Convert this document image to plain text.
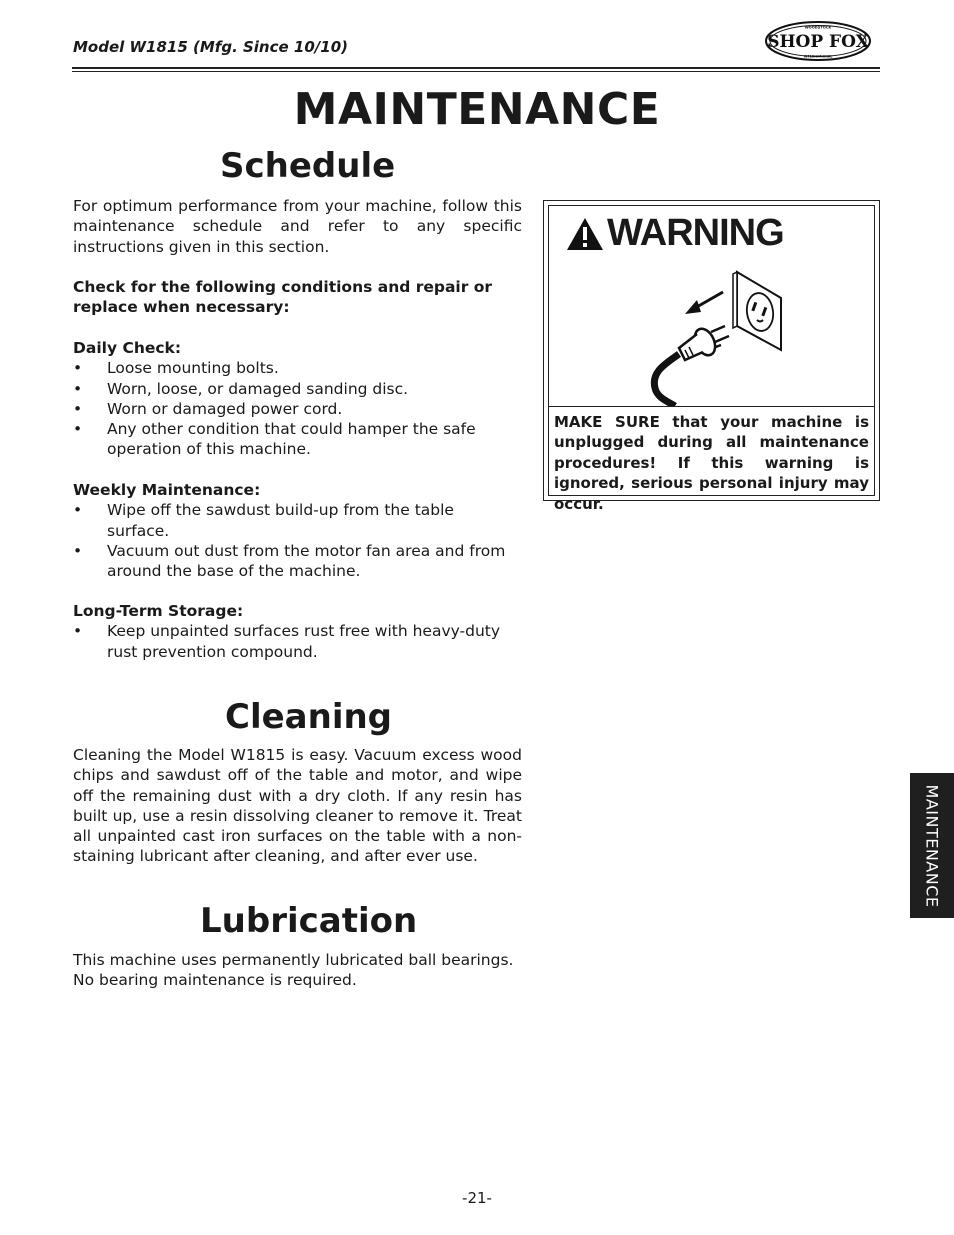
Model W1815 (Mfg. Since 10/10)	SHOP FOX
WOODSTOCK
INTERNATIONAL
MAINTENANCE
Schedule
For optimum performance from your machine, follow this maintenance schedule and refer to any specific instructions given in this section.
Check for the following conditions and repair or replace when necessary:
Daily Check:
• Loose mounting bolts.
• Worn, loose, or damaged sanding disc.
• Worn or damaged power cord.
• Any other condition that could hamper the safe operation of this machine.
Weekly Maintenance:
• Wipe off the sawdust build-up from the table surface.
• Vacuum out dust from the motor fan area and from around the base of the machine.
Long-Term Storage:
• Keep unpainted surfaces rust free with heavy-duty rust prevention compound.
Cleaning
Cleaning the Model W1815 is easy. Vacuum excess wood chips and sawdust off of the table and motor, and wipe off the remaining dust with a dry cloth. If any resin has built up, use a resin dissolving cleaner to remove it. Treat all unpainted cast iron surfaces on the table with a non-staining lubricant after cleaning, and after ever use.
Lubrication
This machine uses permanently lubricated ball bearings.
No bearing maintenance is required.
WARNING
MAKE SURE that your machine is unplugged during all maintenance procedures! If this warning is ignored, serious personal injury may occur.
MAINTENANCE
-21-
